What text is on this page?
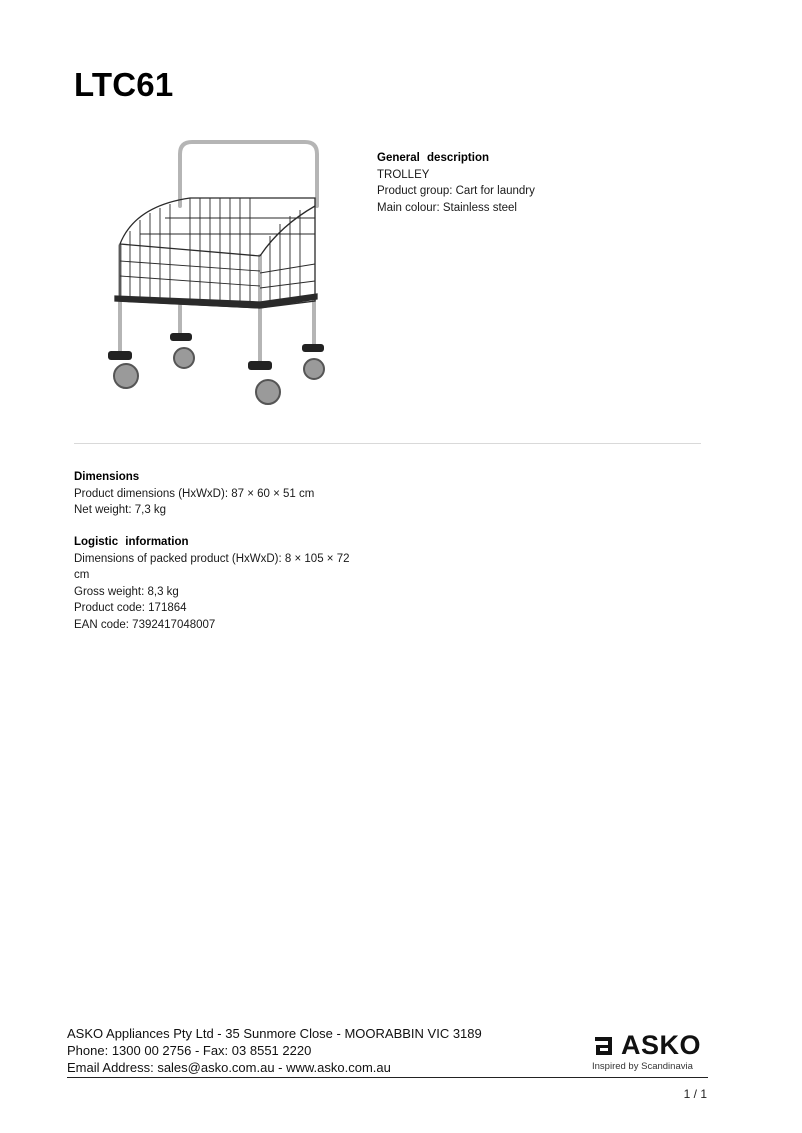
LTC61
General description
TROLLEY
Product group: Cart for laundry
Main colour: Stainless steel
Dimensions
Product dimensions (HxWxD): 87 × 60 × 51 cm
Net weight: 7,3 kg
Logistic information
Dimensions of packed product (HxWxD): 8 × 105 × 72 cm
Gross weight: 8,3 kg
Product code: 171864
EAN code: 7392417048007
ASKO Appliances Pty Ltd - 35 Sunmore Close - MOORABBIN VIC 3189
Phone: 1300 00 2756 - Fax: 03 8551 2220
Email Address: sales@asko.com.au - www.asko.com.au
ASKO
Inspired by Scandinavia
1 / 1
